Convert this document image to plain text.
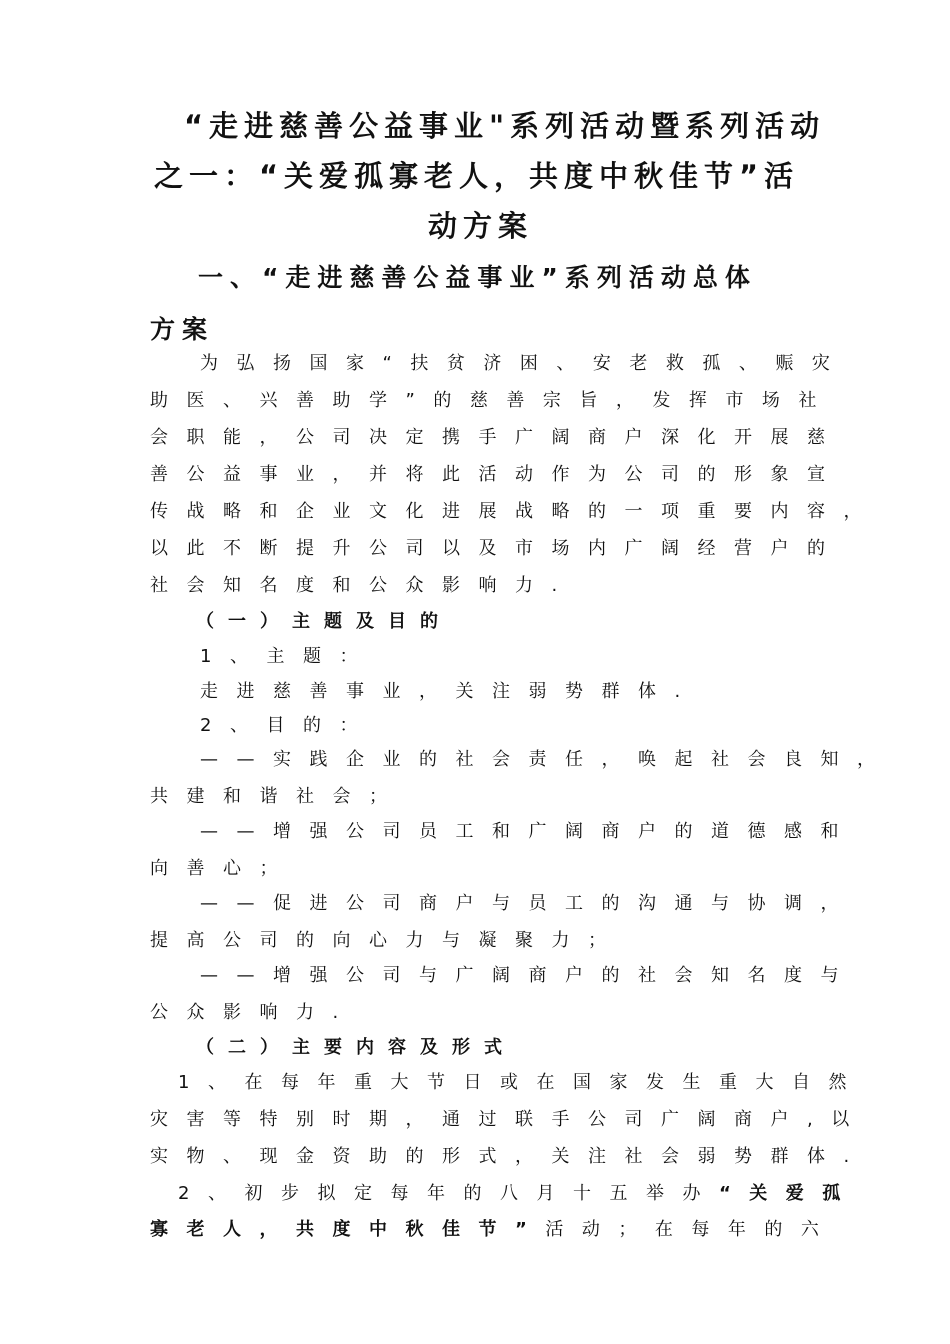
“走进慈善公益事业"系列活动暨系列活动
之一：“关爱孤寡老人，共度中秋佳节”活
动方案
一、“走进慈善公益事业”系列活动总体
方案
为弘扬国家“扶贫济困、安老救孤、赈灾
助医、兴善助学”的慈善宗旨，发挥市场社
会职能，公司决定携手广阔商户深化开展慈
善公益事业，并将此活动作为公司的形象宣
传战略和企业文化进展战略的一项重要内容，
以此不断提升公司以及市场内广阔经营户的
社会知名度和公众影响力.
（一）主题及目的
1、主题：
走进慈善事业，关注弱势群体.
2、目的：
——实践企业的社会责任，唤起社会良知，
共建和谐社会；
——增强公司员工和广阔商户的道德感和
向善心；
——促进公司商户与员工的沟通与协调，
提高公司的向心力与凝聚力；
——增强公司与广阔商户的社会知名度与
公众影响力.
（二）主要内容及形式
1、在每年重大节日或在国家发生重大自然
灾害等特别时期，通过联手公司广阔商户,以
实物、现金资助的形式，关注社会弱势群体.
2、初步拟定每年的八月十五举办“关爱孤
寡老人，共度中秋佳节”活动；在每年的六
